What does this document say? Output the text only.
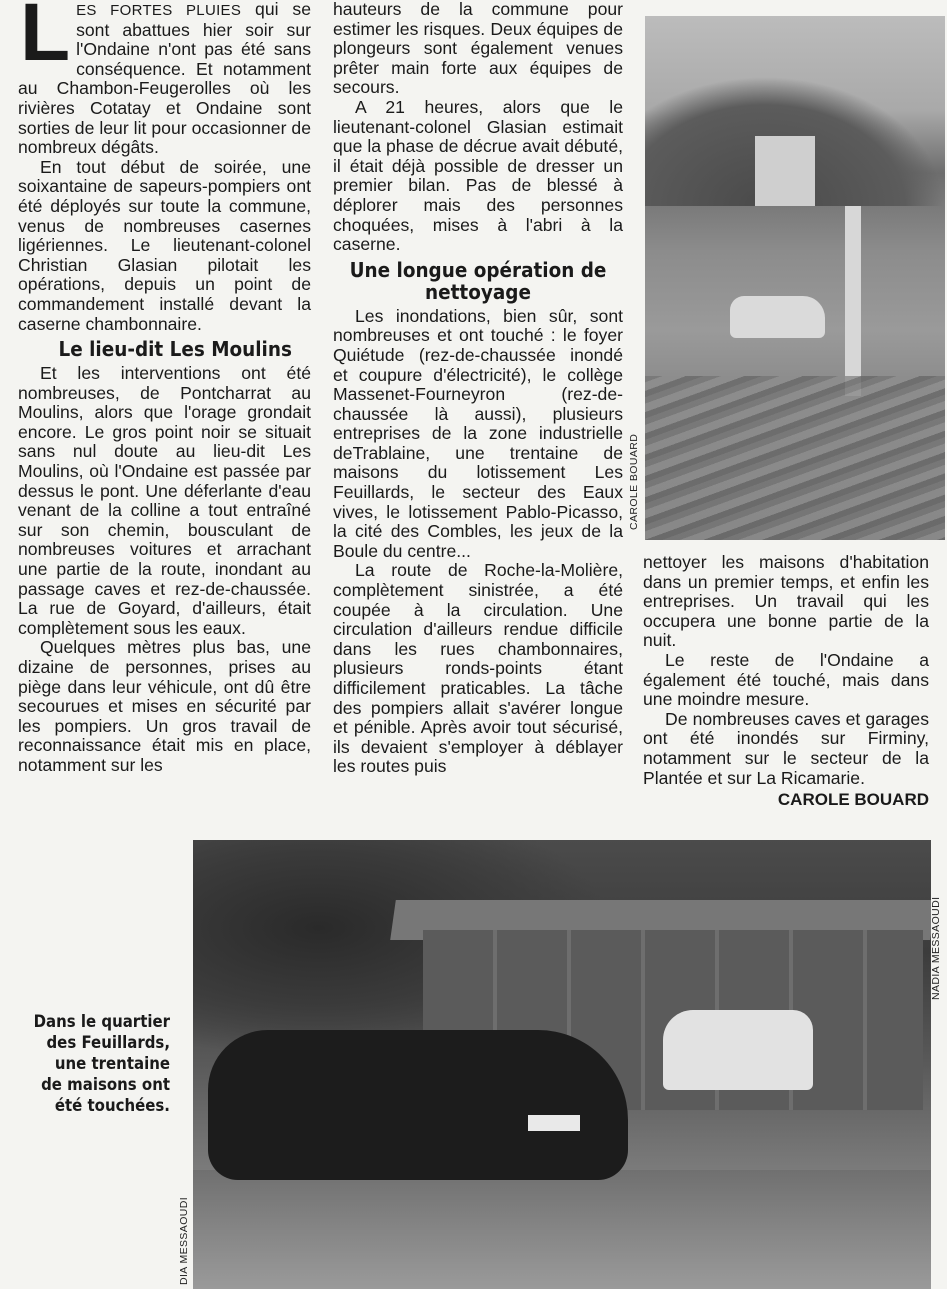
LES FORTES PLUIES qui se sont abattues hier soir sur l'Ondaine n'ont pas été sans conséquence. Et notamment au Chambon-Feugerolles où les rivières Cotatay et Ondaine sont sorties de leur lit pour occasionner de nombreux dégâts.

En tout début de soirée, une soixantaine de sapeurs-pompiers ont été déployés sur toute la commune, venus de nombreuses casernes ligériennes. Le lieutenant-colonel Christian Glasian pilotait les opérations, depuis un point de commandement installé devant la caserne chambonnaire.

Le lieu-dit Les Moulins

Et les interventions ont été nombreuses, de Pontcharrat au Moulins, alors que l'orage grondait encore. Le gros point noir se situait sans nul doute au lieu-dit Les Moulins, où l'Ondaine est passée par dessus le pont. Une déferlante d'eau venant de la colline a tout entraîné sur son chemin, bousculant de nombreuses voitures et arrachant une partie de la route, inondant au passage caves et rez-de-chaussée. La rue de Goyard, d'ailleurs, était complètement sous les eaux.

Quelques mètres plus bas, une dizaine de personnes, prises au piège dans leur véhicule, ont dû être secourues et mises en sécurité par les pompiers. Un gros travail de reconnaissance était mis en place, notamment sur les

hauteurs de la commune pour estimer les risques. Deux équipes de plongeurs sont également venues prêter main forte aux équipes de secours.

A 21 heures, alors que le lieutenant-colonel Glasian estimait que la phase de décrue avait débuté, il était déjà possible de dresser un premier bilan. Pas de blessé à déplorer mais des personnes choquées, mises à l'abri à la caserne.

Une longue opération de nettoyage

Les inondations, bien sûr, sont nombreuses et ont touché : le foyer Quiétude (rez-de-chaussée inondé et coupure d'électricité), le collège Massenet-Fourneyron (rez-de-chaussée là aussi), plusieurs entreprises de la zone industrielle deTrablaine, une trentaine de maisons du lotissement Les Feuillards, le secteur des Eaux vives, le lotissement Pablo-Picasso, la cité des Combles, les jeux de la Boule du centre...

La route de Roche-la-Molière, complètement sinistrée, a été coupée à la circulation. Une circulation d'ailleurs rendue difficile dans les rues chambonnaires, plusieurs ronds-points étant difficilement praticables. La tâche des pompiers allait s'avérer longue et pénible. Après avoir tout sécurisé, ils devaient s'employer à déblayer les routes puis

CAROLE BOUARD

nettoyer les maisons d'habitation dans un premier temps, et enfin les entreprises. Un travail qui les occupera une bonne partie de la nuit.

Le reste de l'Ondaine a également été touché, mais dans une moindre mesure.

De nombreuses caves et garages ont été inondés sur Firminy, notamment sur le secteur de la Plantée et sur La Ricamarie.

CAROLE BOUARD
NADIA MESSAOUDI
DIA MESSAOUDI
Dans le quartier des Feuillards, une trentaine de maisons ont été touchées.
